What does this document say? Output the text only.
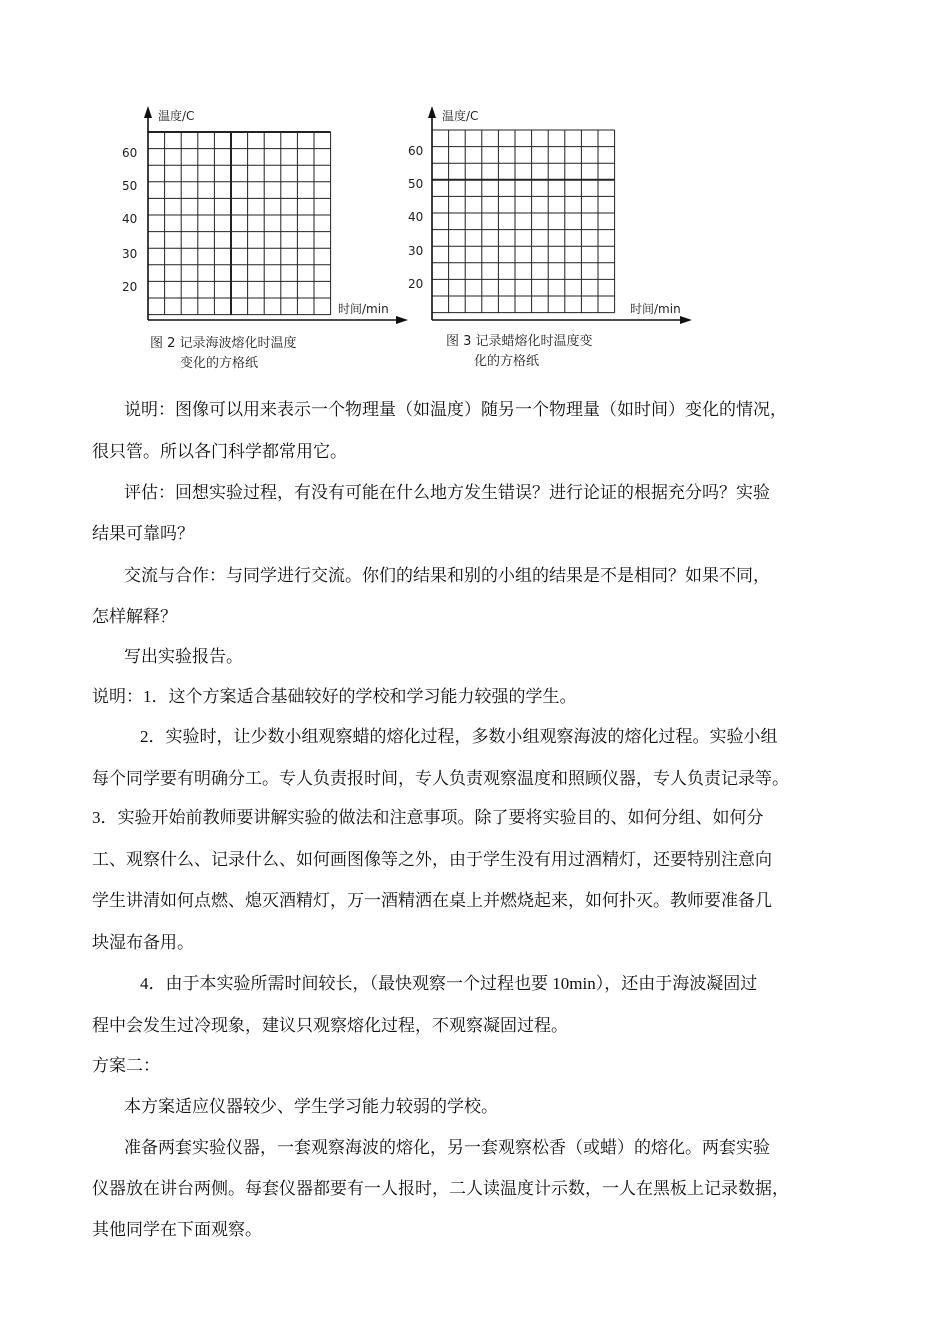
温度/C
60
50
40
30
20
时间/min
图 2 记录海波熔化时温度
变化的方格纸
温度/C
60
50
40
30
20
时间/min
图 3 记录蜡熔化时温度变
化的方格纸
说明：图像可以用来表示一个物理量（如温度）随另一个物理量（如时间）变化的情况，
很只管。所以各门科学都常用它。
评估：回想实验过程，有没有可能在什么地方发生错误？进行论证的根据充分吗？实验
结果可靠吗？
交流与合作：与同学进行交流。你们的结果和别的小组的结果是不是相同？如果不同，
怎样解释？
写出实验报告。
说明：1．这个方案适合基础较好的学校和学习能力较强的学生。
2．实验时，让少数小组观察蜡的熔化过程，多数小组观察海波的熔化过程。实验小组
每个同学要有明确分工。专人负责报时间，专人负责观察温度和照顾仪器，专人负责记录等。
3．实验开始前教师要讲解实验的做法和注意事项。除了要将实验目的、如何分组、如何分
工、观察什么、记录什么、如何画图像等之外，由于学生没有用过酒精灯，还要特别注意向
学生讲清如何点燃、熄灭酒精灯，万一酒精洒在桌上并燃烧起来，如何扑灭。教师要准备几
块湿布备用。
4．由于本实验所需时间较长，（最快观察一个过程也要 10min），还由于海波凝固过
程中会发生过冷现象，建议只观察熔化过程，不观察凝固过程。
方案二：
本方案适应仪器较少、学生学习能力较弱的学校。
准备两套实验仪器，一套观察海波的熔化，另一套观察松香（或蜡）的熔化。两套实验
仪器放在讲台两侧。每套仪器都要有一人报时，二人读温度计示数，一人在黑板上记录数据，
其他同学在下面观察。
